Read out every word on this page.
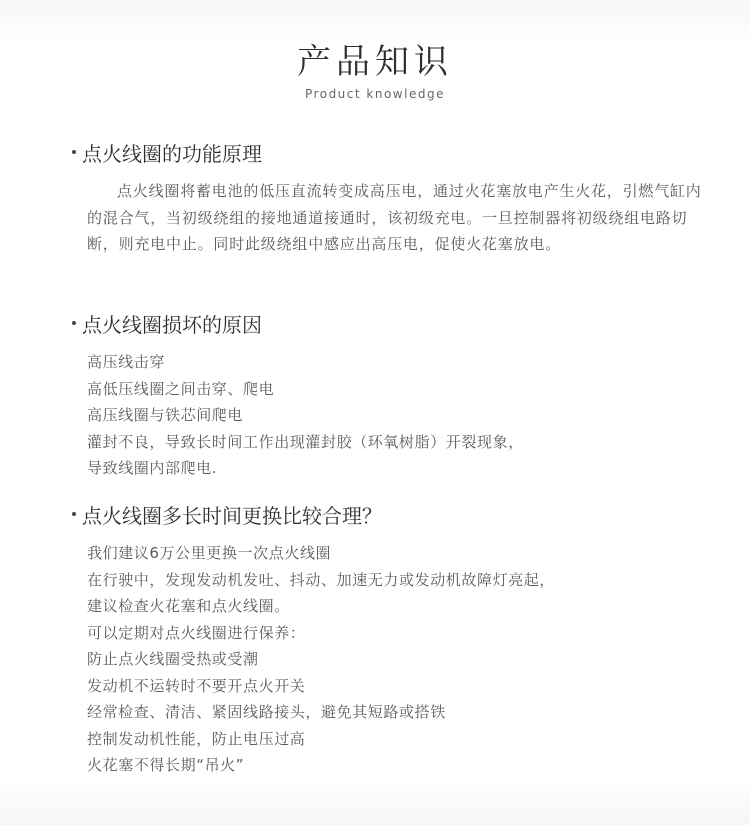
产品知识
Product knowledge
点火线圈的功能原理
点火线圈将蓄电池的低压直流转变成高压电，通过火花塞放电产生火花，引燃气缸内的混合气，当初级绕组的接地通道接通时，该初级充电。一旦控制器将初级绕组电路切断，则充电中止。同时此级绕组中感应出高压电，促使火花塞放电。
点火线圈损坏的原因
高压线击穿
高低压线圈之间击穿、爬电
高压线圈与铁芯间爬电
灌封不良，导致长时间工作出现灌封胶（环氧树脂）开裂现象，
导致线圈内部爬电.
点火线圈多长时间更换比较合理？
我们建议6万公里更换一次点火线圈
在行驶中，发现发动机发吐、抖动、加速无力或发动机故障灯亮起，
建议检查火花塞和点火线圈。
可以定期对点火线圈进行保养：
防止点火线圈受热或受潮
发动机不运转时不要开点火开关
经常检查、清洁、紧固线路接头，避免其短路或搭铁
控制发动机性能，防止电压过高
火花塞不得长期“吊火”
